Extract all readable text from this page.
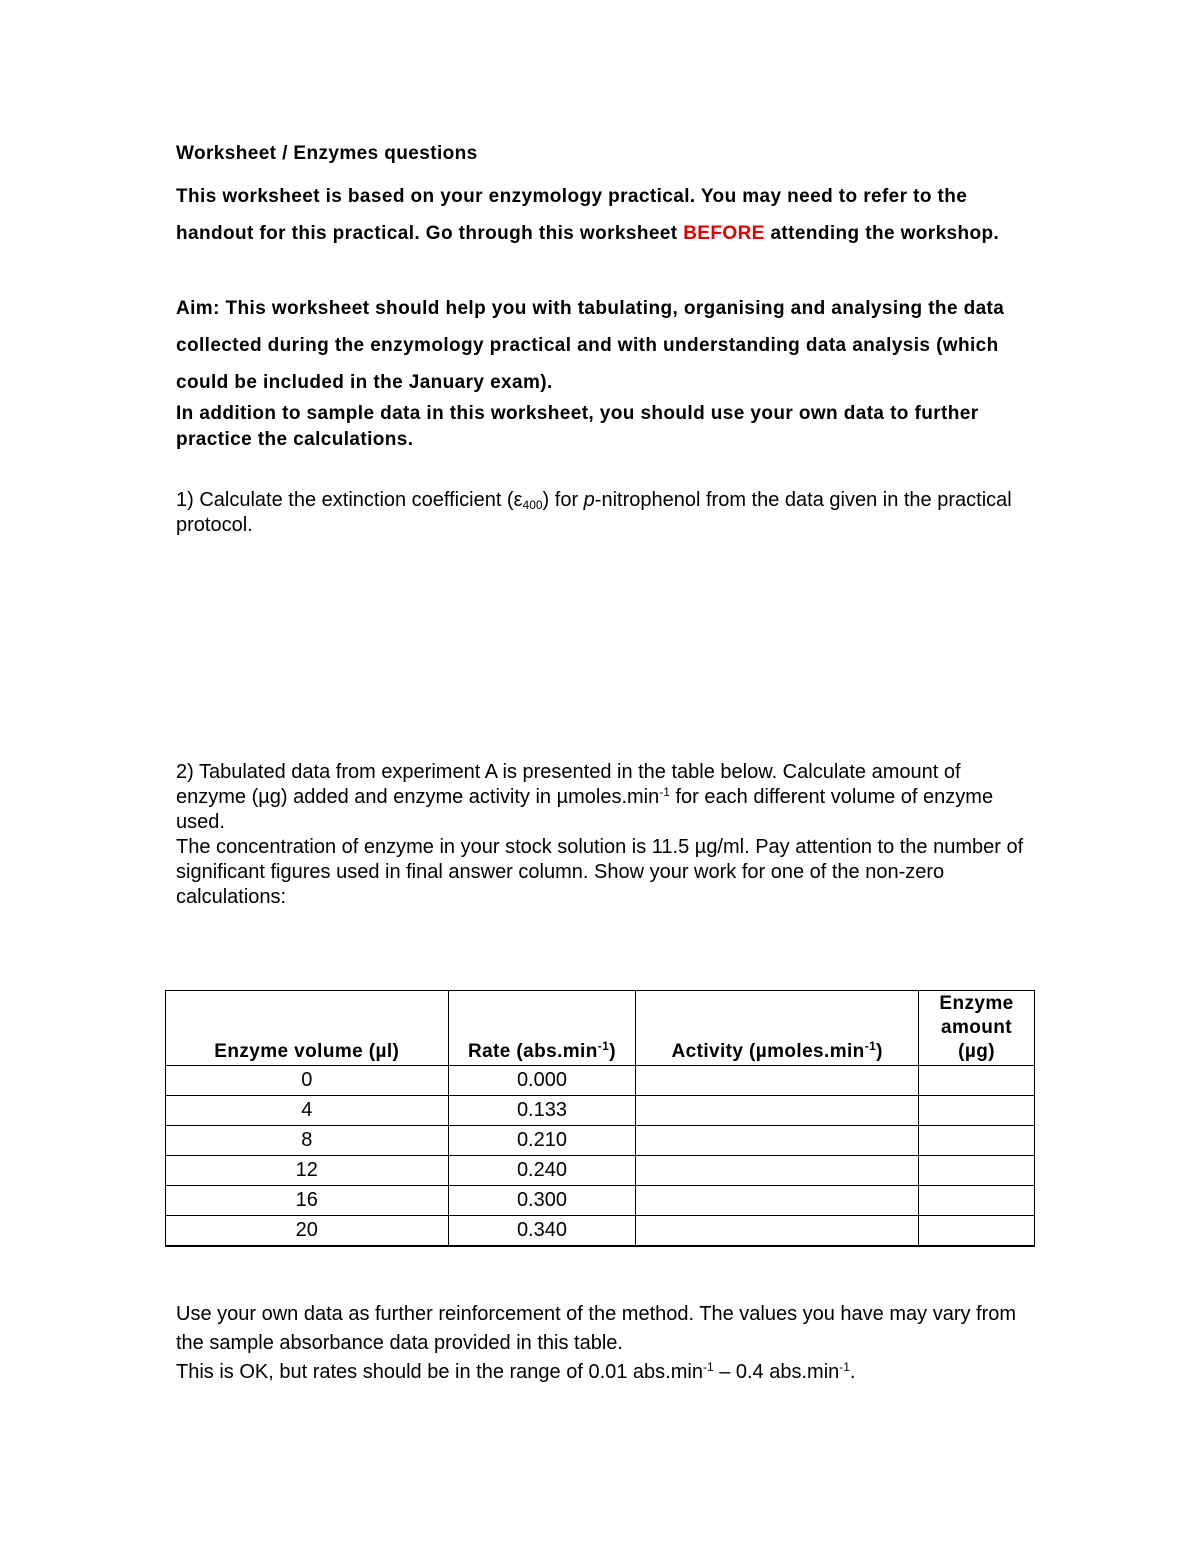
Worksheet / Enzymes questions
This worksheet is based on your enzymology practical. You may need to refer to the handout for this practical. Go through this worksheet BEFORE attending the workshop.
Aim: This worksheet should help you with tabulating, organising and analysing the data collected during the enzymology practical and with understanding data analysis (which could be included in the January exam).
In addition to sample data in this worksheet, you should use your own data to further practice the calculations.
1) Calculate the extinction coefficient $(\varepsilon_{400})$ for p-nitrophenol from the data given in the practical protocol.
2) Tabulated data from experiment A is presented in the table below. Calculate amount of enzyme (µg) added and enzyme activity in $\mu moles.\min^{-1}$ for each different volume of enzyme used.
The concentration of enzyme in your stock solution is 11.5 µg/ml. Pay attention to the number of significant figures used in final answer column. Show your work for one of the non-zero calculations:
Enzyme volume (µl)	Rate $(abs.\min^{-1})$	Activity $(\mu moles.\min^{-1})$	Enzyme
amount
(µg)

0	0.000		
4	0.133		
8	0.210		
12	0.240		
16	0.300		
20	0.340		
Use your own data as further reinforcement of the method. The values you have may vary from the sample absorbance data provided in this table.
This is OK, but rates should be in the range of 0.01 $abs.\min^{-1} - 0.4$ $abs.\min^{-1}$.
